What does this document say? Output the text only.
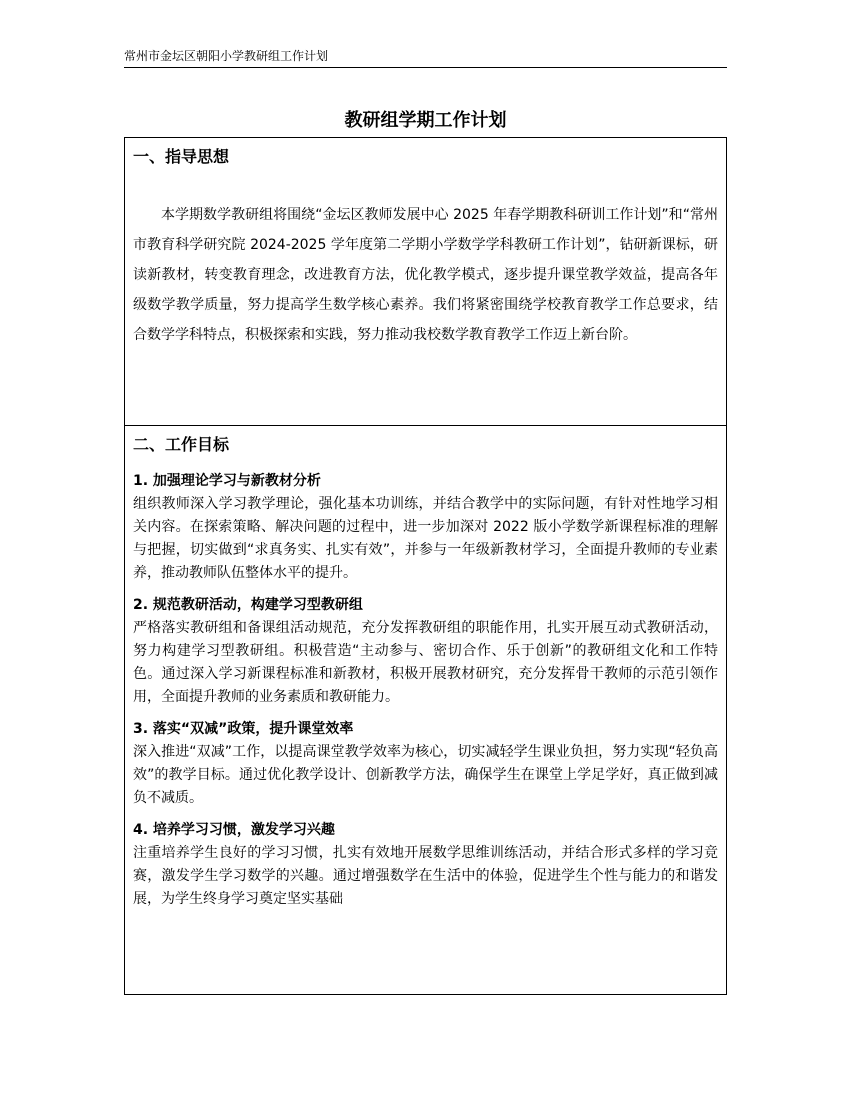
常州市金坛区朝阳小学教研组工作计划
教研组学期工作计划
一、指导思想
本学期数学教研组将围绕“金坛区教师发展中心 2025 年春学期教科研训工作计划”和“常州市教育科学研究院 2024-2025 学年度第二学期小学数学学科教研工作计划”，钻研新课标，研读新教材，转变教育理念，改进教育方法，优化教学模式，逐步提升课堂教学效益，提高各年级数学教学质量，努力提高学生数学核心素养。我们将紧密围绕学校教育教学工作总要求，结合数学学科特点，积极探索和实践，努力推动我校数学教育教学工作迈上新台阶。
二、工作目标
1. 加强理论学习与新教材分析
组织教师深入学习教学理论，强化基本功训练，并结合教学中的实际问题，有针对性地学习相关内容。在探索策略、解决问题的过程中，进一步加深对 2022 版小学数学新课程标准的理解与把握，切实做到“求真务实、扎实有效”，并参与一年级新教材学习，全面提升教师的专业素养，推动教师队伍整体水平的提升。
2. 规范教研活动，构建学习型教研组
严格落实教研组和备课组活动规范，充分发挥教研组的职能作用，扎实开展互动式教研活动，努力构建学习型教研组。积极营造“主动参与、密切合作、乐于创新”的教研组文化和工作特色。通过深入学习新课程标准和新教材，积极开展教材研究，充分发挥骨干教师的示范引领作用，全面提升教师的业务素质和教研能力。
3. 落实“双减”政策，提升课堂效率
深入推进“双减”工作，以提高课堂教学效率为核心，切实减轻学生课业负担，努力实现“轻负高效”的教学目标。通过优化教学设计、创新教学方法，确保学生在课堂上学足学好，真正做到减负不减质。
4. 培养学习习惯，激发学习兴趣
注重培养学生良好的学习习惯，扎实有效地开展数学思维训练活动，并结合形式多样的学习竞赛，激发学生学习数学的兴趣。通过增强数学在生活中的体验，促进学生个性与能力的和谐发展，为学生终身学习奠定坚实基础
